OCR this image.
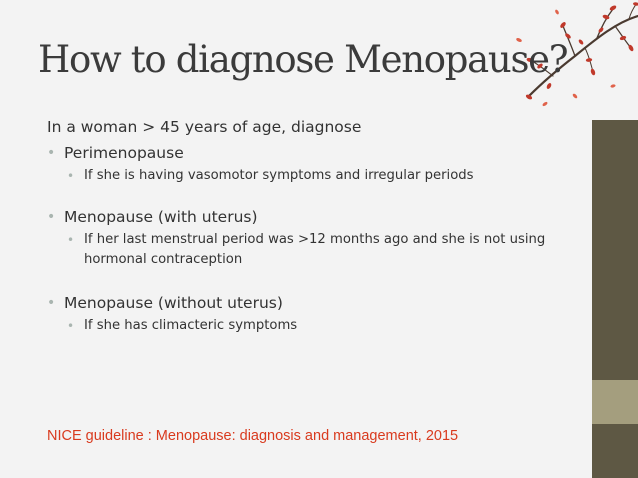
How to diagnose Menopause?
In a woman > 45 years of age, diagnose
• Perimenopause
• If she is having vasomotor symptoms and irregular periods
• Menopause (with uterus)
• If her last menstrual period was >12 months ago and she is not using hormonal contraception
• Menopause (without uterus)
• If she has climacteric symptoms
NICE guideline : Menopause: diagnosis and management, 2015
